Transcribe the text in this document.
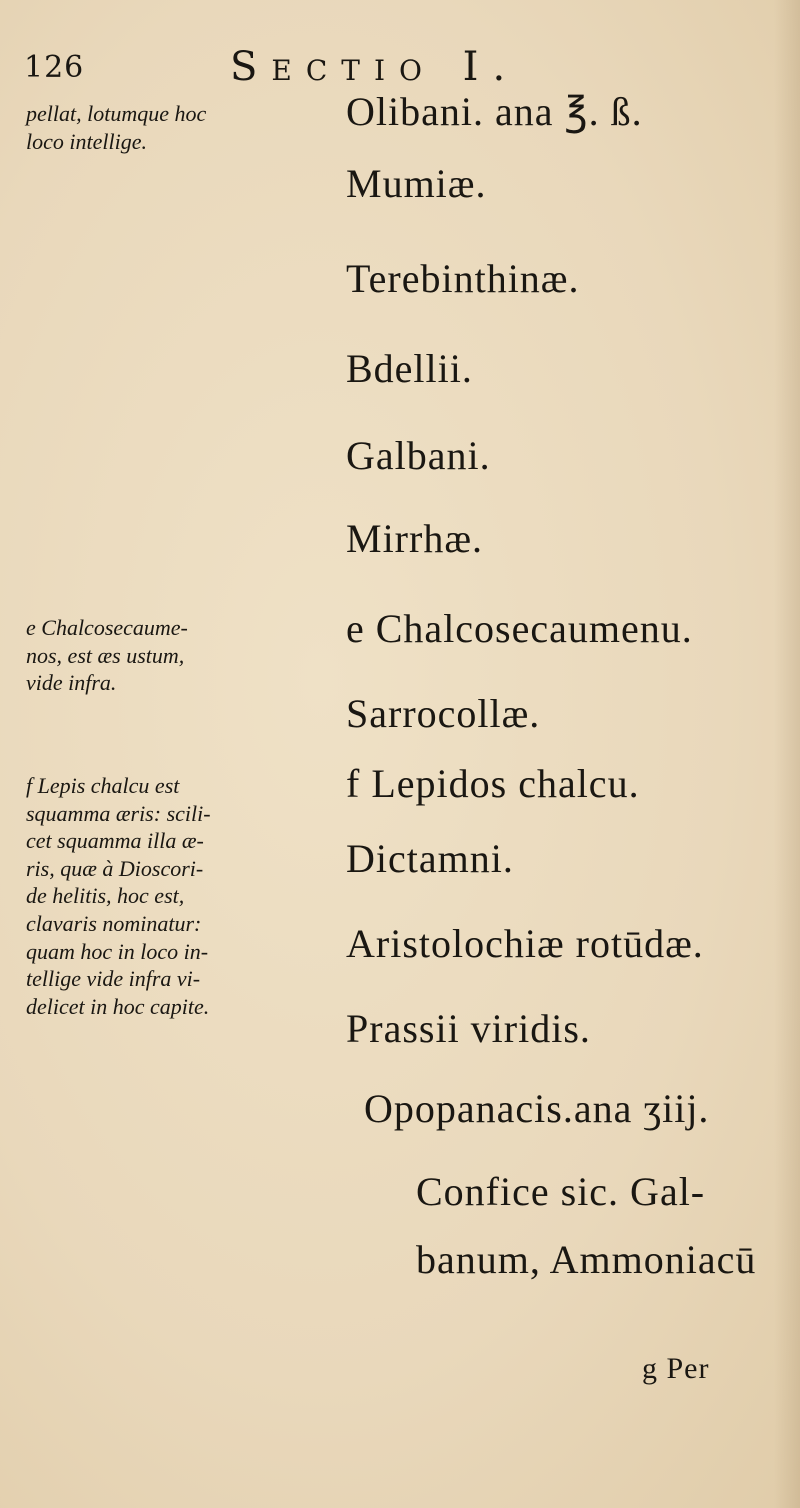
126	Sectio I.
pellat, lotumque hoc
loco intellige.
e Chalcosecaume-
nos, est æs ustum,
vide infra.
f Lepis chalcu est
squamma æris: scili-
cet squamma illa æ-
ris, quæ à Dioscori-
de helitis, hoc est,
clavaris nominatur:
quam hoc in loco in-
tellige vide infra vi-
delicet in hoc capite.
Olibani. ana ℥. ß.
Mumiæ.
Terebinthinæ.
Bdellii.
Galbani.
Mirrhæ.
e Chalcosecaumenu.
Sarrocollæ.
f Lepidos chalcu.
Dictamni.
Aristolochiæ rotūdæ.
Prassii viridis.
Opopanacis.ana ʒiij.
Confice sic. Gal-
banum, Ammoniacū
g Per
